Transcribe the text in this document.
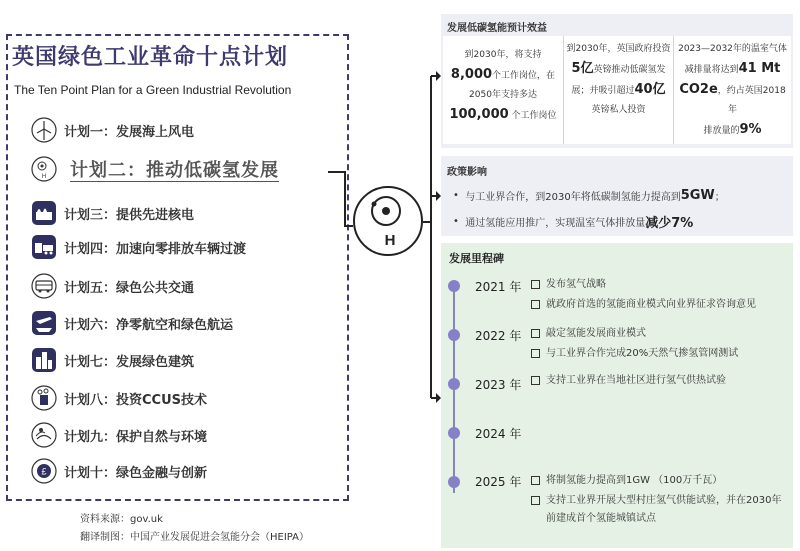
英国绿色工业革命十点计划
The Ten Point Plan for a Green Industrial Revolution
计划一：发展海上风电
H 计划二：推动低碳氢发展
计划三：提供先进核电
计划四：加速向零排放车辆过渡
计划五：绿色公共交通
计划六：净零航空和绿色航运
计划七：发展绿色建筑
计划八：投资CCUS技术
计划九：保护自然与环境
£ 计划十：绿色金融与创新
资料来源：gov.uk
翻译制图：中国产业发展促进会氢能分会（HEIPA）
H
发展低碳氢能预计效益
到2030年，将支持
8,000个工作岗位，在
2050年支持多达
100,000 个工作岗位
到2030年，英国政府投资
5亿英镑推动低碳氢发
展；并吸引超过40亿
英镑私人投资
2023—2032年的温室气体
减排量将达到41 Mt
CO2e，约占英国2018年
排放量的9%
政策影响
•
与工业界合作，到2030年将低碳制氢能力提高到 5GW ；
•
通过氢能应用推广，实现温室气体排放量 减少7%
发展里程碑
2021 年 发布氢气战略
就政府首选的氢能商业模式向业界征求咨询意见
2022 年 敲定氢能发展商业模式
与工业界合作完成20%天然气掺氢管网测试
2023 年 支持工业界在当地社区进行氢气供热试验
2024 年
2025 年 将制氢能力提高到1GW （100万千瓦）
支持工业界开展大型村庄氢气供能试验，并在2030年前建成首个氢能城镇试点
